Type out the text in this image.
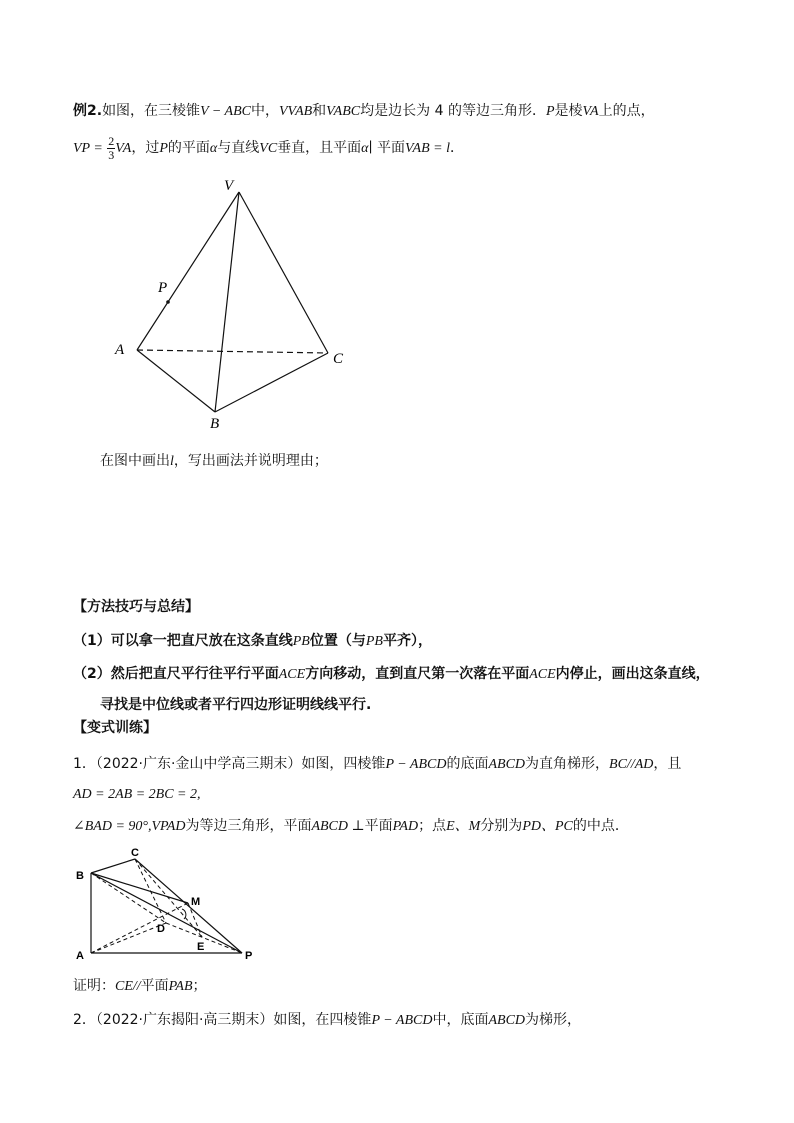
例2.如图，在三棱锥V − ABC中，VVAB和VABC均是边长为 4 的等边三角形．P是棱VA上的点，
VP = $\frac{2}{3}$ VA，过P的平面α与直线VC垂直，且平面α∣ 平面VAB = l．
V
P
A
B
C
在图中画出l，写出画法并说明理由；
【方法技巧与总结】
（1）可以拿一把直尺放在这条直线PB位置（与PB平齐），
（2）然后把直尺平行往平行平面ACE方向移动，直到直尺第一次落在平面ACE内停止，画出这条直线，
寻找是中位线或者平行四边形证明线线平行.
【变式训练】
1．（2022·广东·金山中学高三期末）如图，四棱锥P − ABCD的底面ABCD为直角梯形，BC//AD，且
AD = 2AB = 2BC = 2,
∠BAD = 90°,VPAD为等边三角形，平面ABCD ⊥平面PAD；点E、M分别为PD、PC的中点．
C
B
M
D
E
A	P
证明：CE//平面PAB；
2．（2022·广东揭阳·高三期末）如图，在四棱锥P − ABCD中，底面ABCD为梯形，
